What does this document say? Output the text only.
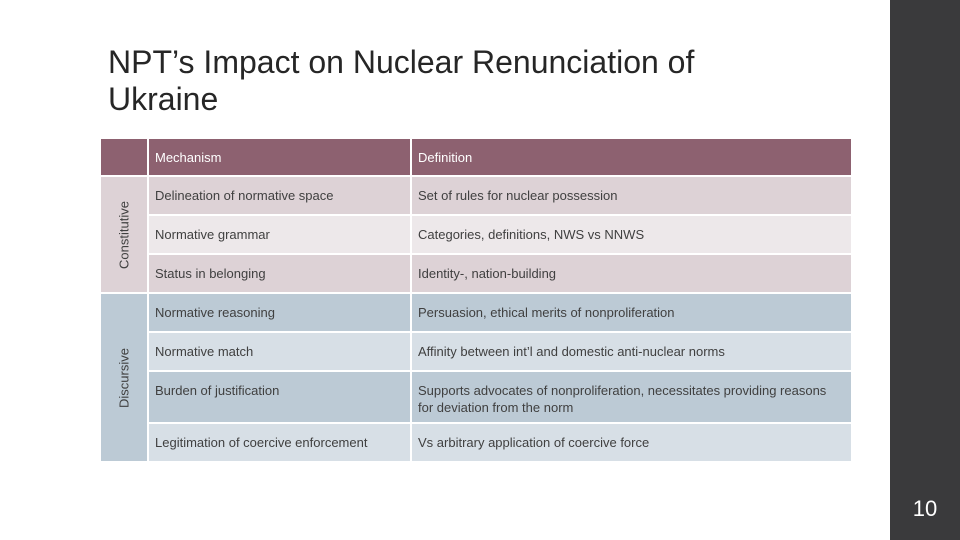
NPT’s Impact on Nuclear Renunciation of Ukraine
	Mechanism	Definition

Constitutive	Delineation of normative space	Set of rules for nuclear possession
	Normative grammar	Categories, definitions, NWS vs NNWS
	Status in belonging	Identity-, nation-building

Discursive	Normative reasoning	Persuasion, ethical merits of nonproliferation
	Normative match	Affinity between int’l and domestic anti-nuclear norms
	Burden of justification	Supports advocates of nonproliferation, necessitates providing reasons for deviation from the norm
	Legitimation of coercive enforcement	Vs arbitrary application of coercive force
10
